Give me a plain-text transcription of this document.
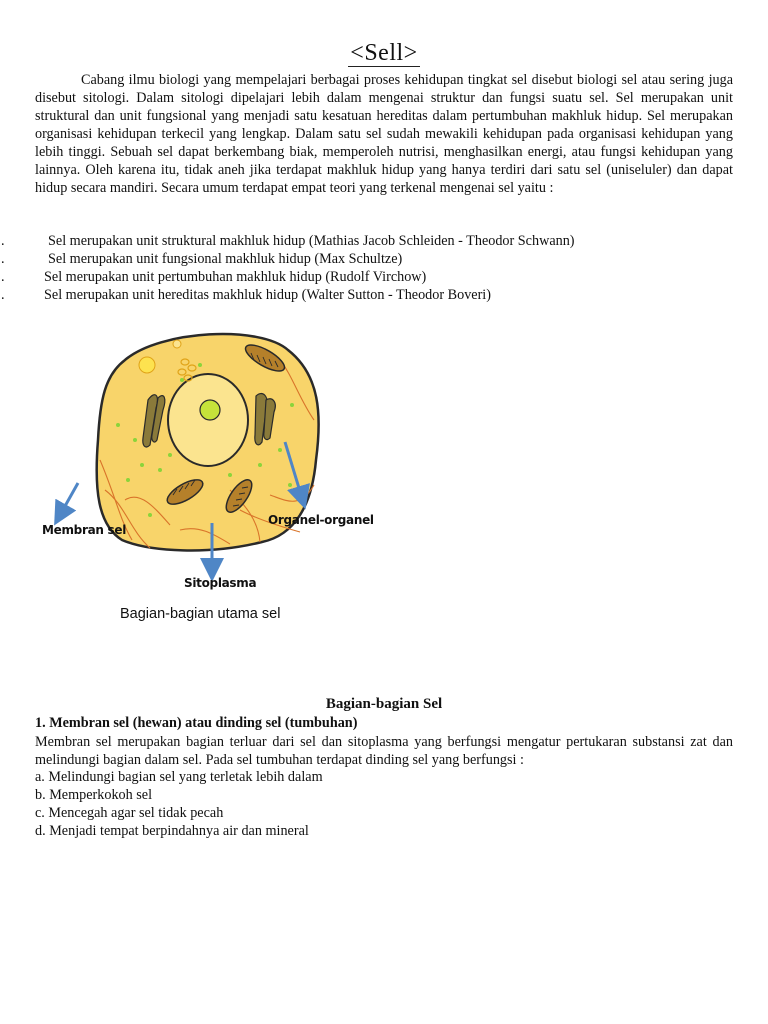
<Sell>

Cabang ilmu biologi yang mempelajari berbagai proses kehidupan tingkat sel disebut biologi sel atau sering juga disebut sitologi. Dalam sitologi dipelajari lebih dalam mengenai struktur dan fungsi suatu sel. Sel merupakan unit struktural dan unit fungsional yang menjadi satu kesatuan hereditas dalam pertumbuhan makhluk hidup. Sel merupakan organisasi kehidupan terkecil yang lengkap. Dalam satu sel sudah mewakili kehidupan pada organisasi kehidupan yang lebih tinggi. Sebuah sel dapat berkembang biak, memperoleh nutrisi, menghasilkan energi, atau fungsi kehidupan yang lainnya. Oleh karena itu, tidak aneh jika terdapat makhluk hidup yang hanya terdiri dari satu sel (uniseluler) dan dapat hidup secara mandiri. Secara umum terdapat empat teori yang terkenal mengenai sel yaitu :

.	Sel merupakan unit struktural makhluk hidup (Mathias Jacob Schleiden - Theodor Schwann)
.	Sel merupakan unit fungsional makhluk hidup (Max Schultze)
.	Sel merupakan unit pertumbuhan makhluk hidup (Rudolf Virchow)
.	Sel merupakan unit hereditas makhluk hidup (Walter Sutton - Theodor Boveri)
Membran sel
Organel-organel
Sitoplasma
Bagian-bagian utama sel
Bagian-bagian Sel
1. Membran sel (hewan) atau dinding sel (tumbuhan)

Membran sel merupakan bagian terluar dari sel dan sitoplasma yang berfungsi mengatur pertukaran substansi zat dan melindungi bagian dalam sel. Pada sel tumbuhan terdapat dinding sel yang berfungsi :

a. Melindungi bagian sel yang terletak lebih dalam
b. Memperkokoh sel
c. Mencegah agar sel tidak pecah
d. Menjadi tempat berpindahnya air dan mineral
